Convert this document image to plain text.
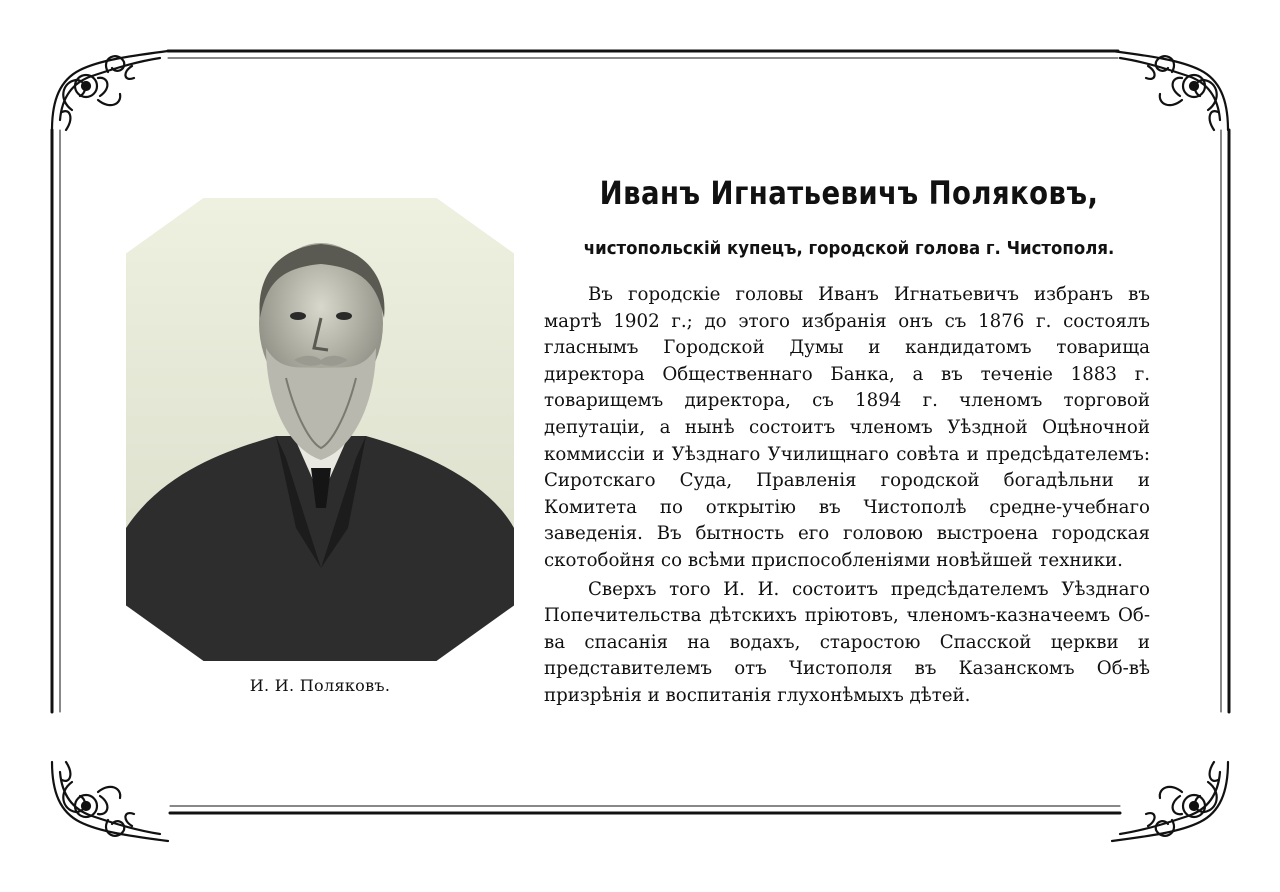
И. И. Поляковъ.
Иванъ Игнатьевичъ Поляковъ,
чистопольскій купецъ, городской голова г. Чистополя.

Въ городскіе головы Иванъ Игнатьевичъ избранъ въ мартѣ 1902 г.; до этого избранія онъ съ 1876 г. состоялъ гласнымъ Городской Думы и кандидатомъ товарища директора Общественнаго Банка, а въ теченіе 1883 г. товарищемъ директора, съ 1894 г. членомъ торговой депутаціи, а нынѣ состоитъ членомъ Уѣздной Оцѣночной коммиссіи и Уѣзднаго Училищнаго совѣта и предсѣдателемъ: Сиротскаго Суда, Правленія городской богадѣльни и Комитета по открытію въ Чистополѣ средне-учебнаго заведенія. Въ бытность его головою выстроена городская скотобойня со всѣми приспособленіями новѣйшей техники.

Сверхъ того И. И. состоитъ предсѣдателемъ Уѣзднаго Попечительства дѣтскихъ пріютовъ, членомъ-казначеемъ Об-ва спасанія на водахъ, старостою Спасской церкви и представителемъ отъ Чистополя въ Казанскомъ Об-вѣ призрѣнія и воспитанія глухонѣмыхъ дѣтей.
